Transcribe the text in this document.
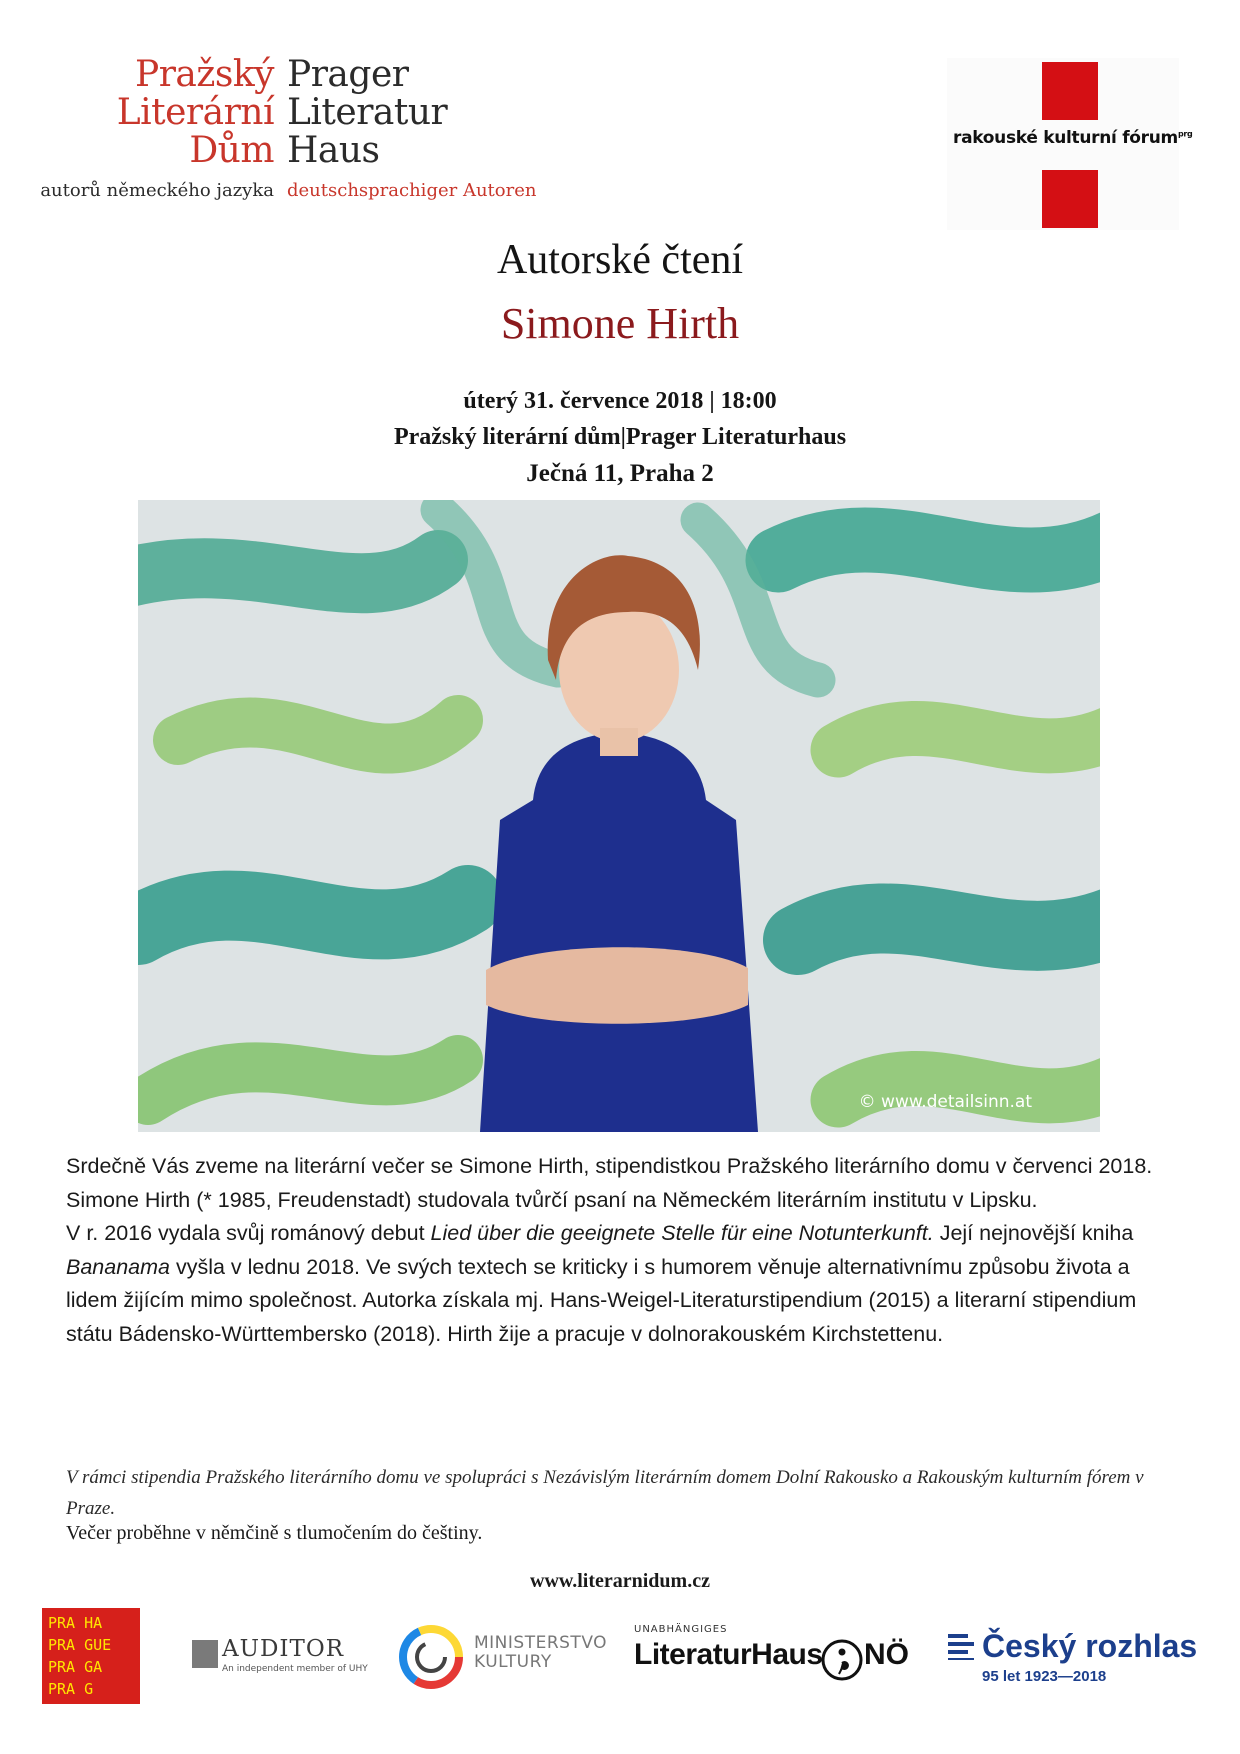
Pražský
Literární
Dům
Prager
Literatur
Haus
autorů německého jazyka deutschsprachiger Autoren
rakouské kulturní fórum$^{prg}$
Autorské čtení
Simone Hirth
úterý 31. července 2018 | 18:00
Pražský literární dům|Prager Literaturhaus
Ječná 11, Praha 2
© www.detailsinn.at

Srdečně Vás zveme na literární večer se Simone Hirth, stipendistkou Pražského literárního domu v červenci 2018.

Simone Hirth (* 1985, Freudenstadt) studovala tvůrčí psaní na Německém literárním institutu v Lipsku.

V r. 2016 vydala svůj románový debut Lied über die geeignete Stelle für eine Notunterkunft. Její nejnovější kniha Bananama vyšla v lednu 2018. Ve svých textech se kriticky i s humorem věnuje alternativnímu způsobu života a lidem žijícím mimo společnost. Autorka získala mj. Hans-Weigel-Literaturstipendium (2015) a literarní stipendium státu Bádensko-Württembersko (2018). Hirth žije a pracuje v dolnorakouském Kirchstettenu.

V rámci stipendia Pražského literárního domu ve spolupráci s Nezávislým literárním domem Dolní Rakousko a Rakouským kulturním fórem v Praze.
Večer proběhne v němčině s tlumočením do češtiny.
www.literarnidum.cz
PRA HA
PRA GUE
PRA GA
PRA G
AUDITOR
An independent member of UHY
MINISTERSTVO
KULTURY
UNABHÄNGIGES
LiteraturHaus NÖ Český rozhlas
95 let 1923—2018
